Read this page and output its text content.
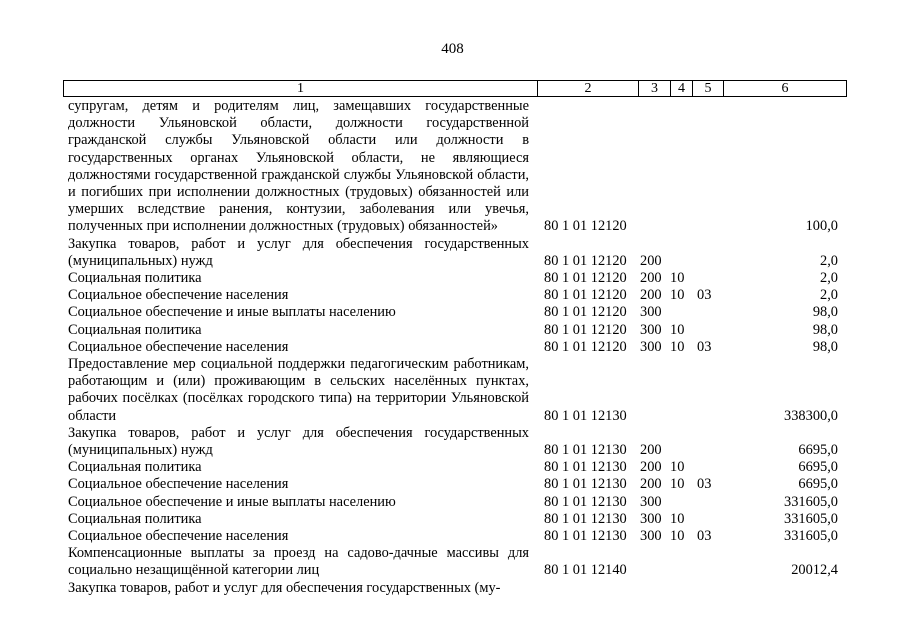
408
1	2	3	4	5	6
супругам, детям и родителям лиц, замещавших государственные должности Ульяновской области, должности государственной гражданской службы Ульяновской области или должности в государственных органах Ульяновской области, не являющиеся должностями государственной гражданской службы Ульяновской области, и погибших при исполнении должностных (трудовых) обязанностей или умерших вследствие ранения, контузии, заболевания или увечья, полученных при исполнении должностных (трудовых) обязанностей»	80 1 01 12120				100,0
Закупка товаров, работ и услуг для обеспечения государственных (муниципальных) нужд	80 1 01 12120	200			2,0
Социальная политика	80 1 01 12120	200	10		2,0
Социальное обеспечение населения	80 1 01 12120	200	10	03	2,0
Социальное обеспечение и иные выплаты населению	80 1 01 12120	300			98,0
Социальная политика	80 1 01 12120	300	10		98,0
Социальное обеспечение населения	80 1 01 12120	300	10	03	98,0
Предоставление мер социальной поддержки педагогическим работникам, работающим и (или) проживающим в сельских населённых пунктах, рабочих посёлках (посёлках городского типа) на территории Ульяновской области	80 1 01 12130				338300,0
Закупка товаров, работ и услуг для обеспечения государственных (муниципальных) нужд	80 1 01 12130	200			6695,0
Социальная политика	80 1 01 12130	200	10		6695,0
Социальное обеспечение населения	80 1 01 12130	200	10	03	6695,0
Социальное обеспечение и иные выплаты населению	80 1 01 12130	300			331605,0
Социальная политика	80 1 01 12130	300	10		331605,0
Социальное обеспечение населения	80 1 01 12130	300	10	03	331605,0
Компенсационные выплаты за проезд на садово-дачные массивы для социально незащищённой категории лиц	80 1 01 12140				20012,4
Закупка товаров, работ и услуг для обеспечения государственных (му-					
